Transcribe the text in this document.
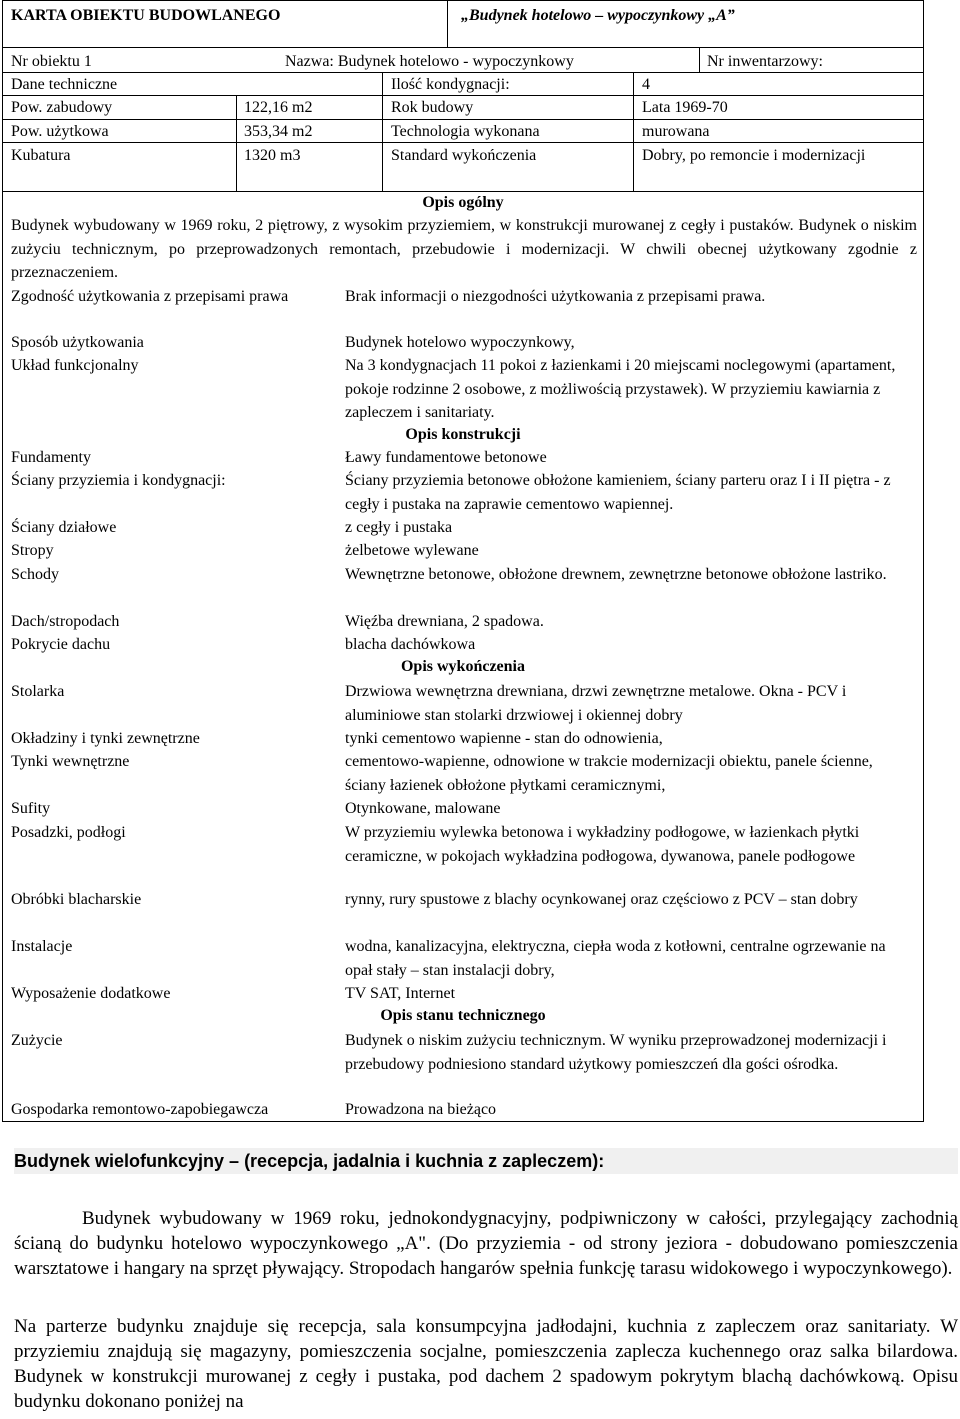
KARTA OBIEKTU BUDOWLANEGO	„Budynek hotelowo – wypoczynkowy „A”
Nr obiektu 1	Nazwa: Budynek hotelowo - wypoczynkowy	Nr inwentarzowy:
Dane techniczne	Ilość kondygnacji:	4
Pow. zabudowy	122,16 m2	Rok budowy	Lata 1969-70
Pow. użytkowa	353,34 m2	Technologia wykonana	murowana
Kubatura	1320 m3	Standard wykończenia	Dobry, po remoncie i modernizacji
Opis ogólny
Budynek wybudowany w 1969 roku, 2 piętrowy, z wysokim przyziemiem, w konstrukcji murowanej z cegły i pustaków. Budynek o niskim zużyciu technicznym, po przeprowadzonych remontach, przebudowie i modernizacji. W chwili obecnej użytkowany zgodnie z przeznaczeniem.
Zgodność użytkowania z przepisami prawa	Brak informacji o niezgodności użytkowania z przepisami prawa.
Sposób użytkowania	Budynek hotelowo wypoczynkowy,
Układ funkcjonalny	Na 3 kondygnacjach 11 pokoi z łazienkami i 20 miejscami noclegowymi (apartament, pokoje rodzinne 2 osobowe, z możliwością przystawek). W przyziemiu kawiarnia z zapleczem i sanitariaty.
Opis konstrukcji
Fundamenty	Ławy fundamentowe betonowe
Ściany przyziemia i kondygnacji:	Ściany przyziemia betonowe obłożone kamieniem, ściany parteru oraz I i II piętra - z cegły i pustaka na zaprawie cementowo wapiennej.
Ściany działowe	z cegły i pustaka
Stropy	żelbetowe wylewane
Schody	Wewnętrzne betonowe, obłożone drewnem, zewnętrzne betonowe obłożone lastriko.
Dach/stropodach	Więźba drewniana, 2 spadowa.
Pokrycie dachu	blacha dachówkowa
Opis wykończenia
Stolarka	Drzwiowa wewnętrzna drewniana, drzwi zewnętrzne metalowe. Okna - PCV i aluminiowe stan stolarki drzwiowej i okiennej dobry
Okładziny i tynki zewnętrzne	tynki cementowo wapienne - stan do odnowienia,
Tynki wewnętrzne	cementowo-wapienne, odnowione w trakcie modernizacji obiektu, panele ścienne, ściany łazienek obłożone płytkami ceramicznymi,
Sufity	Otynkowane, malowane
Posadzki, podłogi	W przyziemiu wylewka betonowa i wykładziny podłogowe, w łazienkach płytki ceramiczne, w pokojach wykładzina podłogowa, dywanowa, panele podłogowe
Obróbki blacharskie	rynny, rury spustowe z blachy ocynkowanej oraz częściowo z PCV – stan dobry
Instalacje	wodna, kanalizacyjna, elektryczna, ciepła woda z kotłowni, centralne ogrzewanie na opał stały – stan instalacji dobry,
Wyposażenie dodatkowe	TV SAT, Internet
Opis stanu technicznego
Zużycie	Budynek o niskim zużyciu technicznym. W wyniku przeprowadzonej modernizacji i przebudowy podniesiono standard użytkowy pomieszczeń dla gości ośrodka.
Gospodarka remontowo-zapobiegawcza	Prowadzona na bieżąco
Budynek wielofunkcyjny – (recepcja, jadalnia i kuchnia z zapleczem):
Budynek wybudowany w 1969 roku, jednokondygnacyjny, podpiwniczony w całości, przylegający zachodnią ścianą do budynku hotelowo wypoczynkowego „A". (Do przyziemia - od strony jeziora - dobudowano pomieszczenia warsztatowe i hangary na sprzęt pływający. Stropodach hangarów spełnia funkcję tarasu widokowego i wypoczynkowego).
Na parterze budynku znajduje się recepcja, sala konsumpcyjna jadłodajni, kuchnia z zapleczem oraz sanitariaty. W przyziemiu znajdują się magazyny, pomieszczenia socjalne, pomieszczenia zaplecza kuchennego oraz salka bilardowa. Budynek w konstrukcji murowanej z cegły i pustaka, pod dachem 2 spadowym pokrytym blachą dachówkową. Opisu budynku dokonano poniżej na
